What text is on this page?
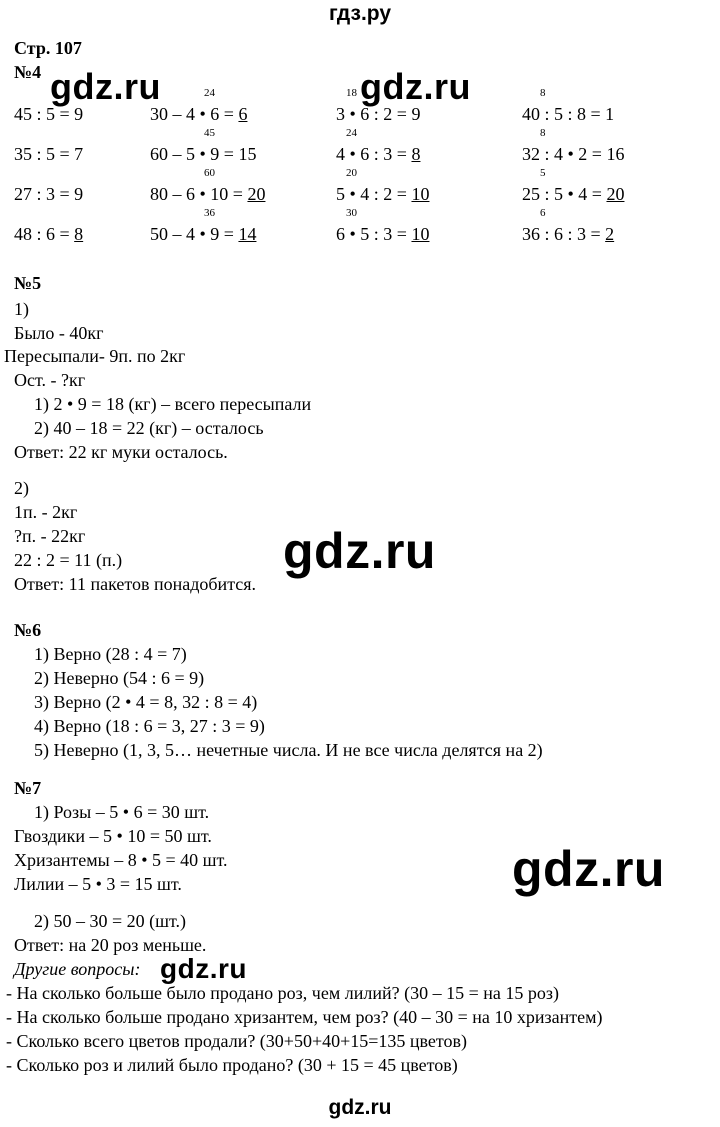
гдз.ру
gdz.ru	gdz.ru
gdz.ru
gdz.ru
gdz.ru
Стр. 107
№4
№5
1)
Было - 40кг
Пересыпали- 9п. по 2кг
Ост. - ?кг
1) 2 • 9 = 18 (кг) – всего пересыпали
2) 40 – 18 = 22 (кг) – осталось
Ответ: 22 кг муки осталось.
2)
1п. - 2кг
?п. - 22кг
22 : 2 = 11 (п.)
Ответ: 11 пакетов понадобится.
№6
1) Верно (28 : 4 = 7)
2) Неверно (54 : 6 = 9)
3) Верно (2 • 4 = 8, 32 : 8 = 4)
4) Верно (18 : 6 = 3, 27 : 3 = 9)
5) Неверно (1, 3, 5… нечетные числа. И не все числа делятся на 2)
№7
1) Розы – 5 • 6 = 30 шт.
Гвоздики – 5 • 10 = 50 шт.
Хризантемы – 8 • 5 = 40 шт.
Лилии – 5 • 3 = 15 шт.
2) 50 – 30 = 20 (шт.)
Ответ: на 20 роз меньше.
Другие вопросы:
- На сколько больше было продано роз, чем лилий? (30 – 15 = на 15 роз)
- На сколько больше продано хризантем, чем роз? (40 – 30 = на 10 хризантем)
- Сколько всего цветов продали? (30+50+40+15=135 цветов)
- Сколько роз и лилий было продано? (30 + 15 = 45 цветов)
gdz.ru
45 : 5 = 9
24
30 – 4 • 6 = 6
18
3 • 6 : 2 = 9
8
40 : 5 : 8 = 1
35 : 5 = 7
45
60 – 5 • 9 = 15
24
4 • 6 : 3 = 8
8
32 : 4 • 2 = 16
27 : 3 = 9
60
80 – 6 • 10 = 20
20
5 • 4 : 2 = 10
5
25 : 5 • 4 = 20
48 : 6 = 8
36
50 – 4 • 9 = 14
30
6 • 5 : 3 = 10
6
36 : 6 : 3 = 2
